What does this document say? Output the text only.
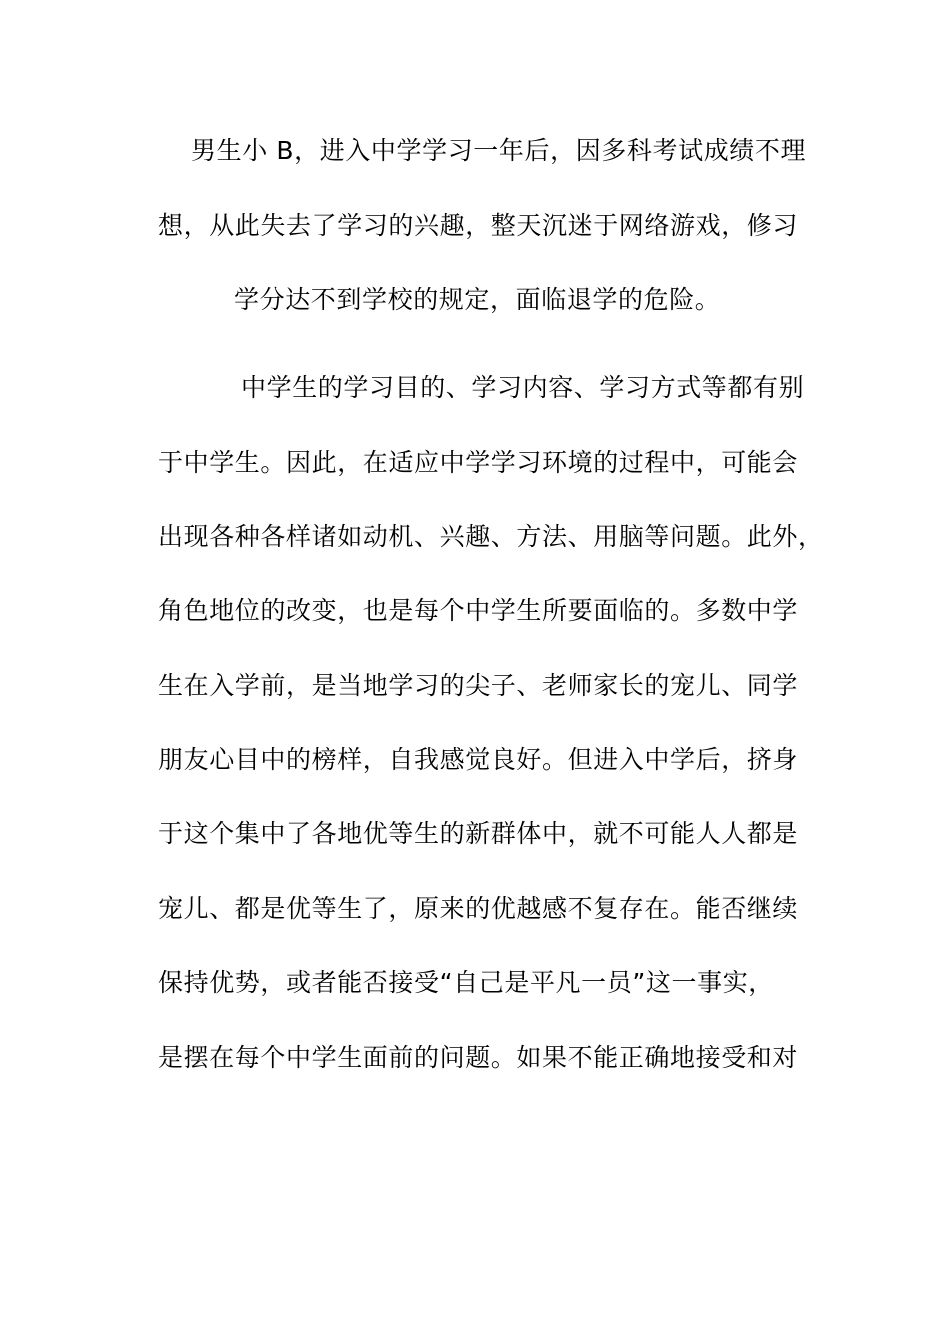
男生小 B，进入中学学习一年后，因多科考试成绩不理
想，从此失去了学习的兴趣，整天沉迷于网络游戏，修习
学分达不到学校的规定，面临退学的危险。
中学生的学习目的、学习内容、学习方式等都有别
于中学生。因此，在适应中学学习环境的过程中，可能会
出现各种各样诸如动机、兴趣、方法、用脑等问题。此外，
角色地位的改变，也是每个中学生所要面临的。多数中学
生在入学前，是当地学习的尖子、老师家长的宠儿、同学
朋友心目中的榜样，自我感觉良好。但进入中学后，挤身
于这个集中了各地优等生的新群体中，就不可能人人都是
宠儿、都是优等生了，原来的优越感不复存在。能否继续
保持优势，或者能否接受“自己是平凡一员”这一事实，
是摆在每个中学生面前的问题。如果不能正确地接受和对
